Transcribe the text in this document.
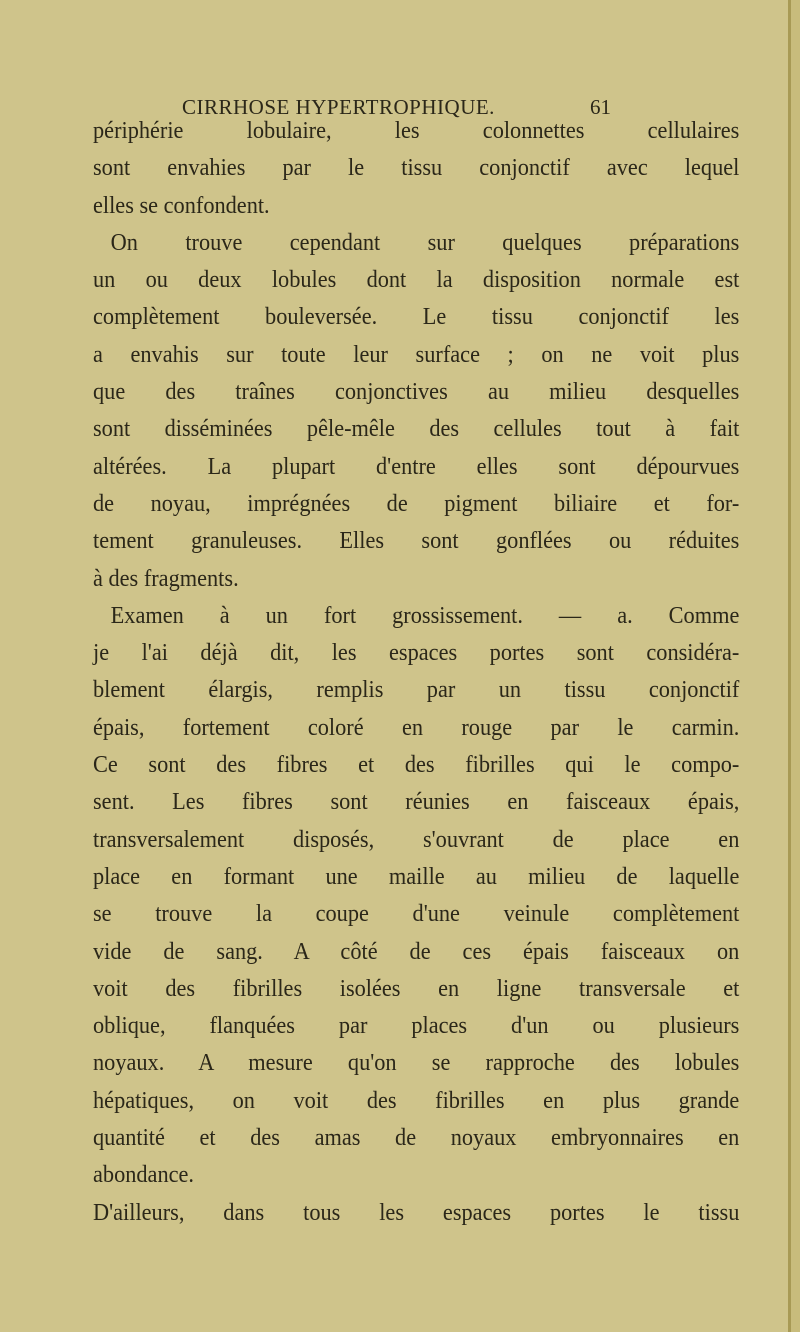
CIRRHOSE HYPERTROPHIQUE.	61
périphérie lobulaire, les colonnettes cellulaires
sont envahies par le tissu conjonctif avec lequel
elles se confondent.
On trouve cependant sur quelques préparations
un ou deux lobules dont la disposition normale est
complètement bouleversée. Le tissu conjonctif les
a envahis sur toute leur surface ; on ne voit plus
que des traînes conjonctives au milieu desquelles
sont disséminées pêle-mêle des cellules tout à fait
altérées. La plupart d'entre elles sont dépourvues
de noyau, imprégnées de pigment biliaire et for-
tement granuleuses. Elles sont gonflées ou réduites
à des fragments.
Examen à un fort grossissement. — a. Comme
je l'ai déjà dit, les espaces portes sont considéra-
blement élargis, remplis par un tissu conjonctif
épais, fortement coloré en rouge par le carmin.
Ce sont des fibres et des fibrilles qui le compo-
sent. Les fibres sont réunies en faisceaux épais,
transversalement disposés, s'ouvrant de place en
place en formant une maille au milieu de laquelle
se trouve la coupe d'une veinule complètement
vide de sang. A côté de ces épais faisceaux on
voit des fibrilles isolées en ligne transversale et
oblique, flanquées par places d'un ou plusieurs
noyaux. A mesure qu'on se rapproche des lobules
hépatiques, on voit des fibrilles en plus grande
quantité et des amas de noyaux embryonnaires en
abondance.
D'ailleurs, dans tous les espaces portes le tissu
